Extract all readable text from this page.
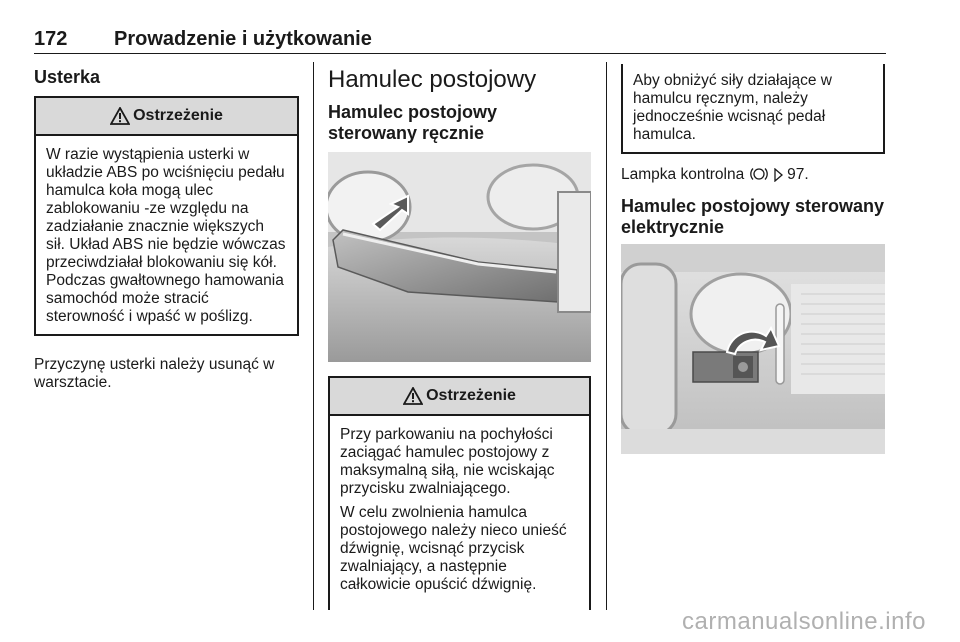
172 Prowadzenie i użytkowanie
Usterka
Ostrzeżenie

W razie wystąpienia usterki w układzie ABS po wciśnięciu pedału hamulca koła mogą ulec zablokowaniu -ze względu na zadziałanie znacznie większych sił. Układ ABS nie będzie wówczas przeciwdziałał blokowaniu się kół. Podczas gwałtownego hamowania samochód może stracić sterowność i wpaść w poślizg.

Przyczynę usterki należy usunąć w warsztacie.
Hamulec postojowy
Hamulec postojowy sterowany ręcznie
Ostrzeżenie

Przy parkowaniu na pochyłości zaciągać hamulec postojowy z maksymalną siłą, nie wciskając przycisku zwalniającego.

W celu zwolnienia hamulca postojowego należy nieco unieść dźwignię, wcisnąć przycisk zwalniający, a następnie całkowicie opuścić dźwignię.

Aby obniżyć siły działające w hamulcu ręcznym, należy jednocześnie wcisnąć pedał hamulca.
Lampka kontrolna	97.
Hamulec postojowy sterowany elektrycznie
carmanualsonline.info
